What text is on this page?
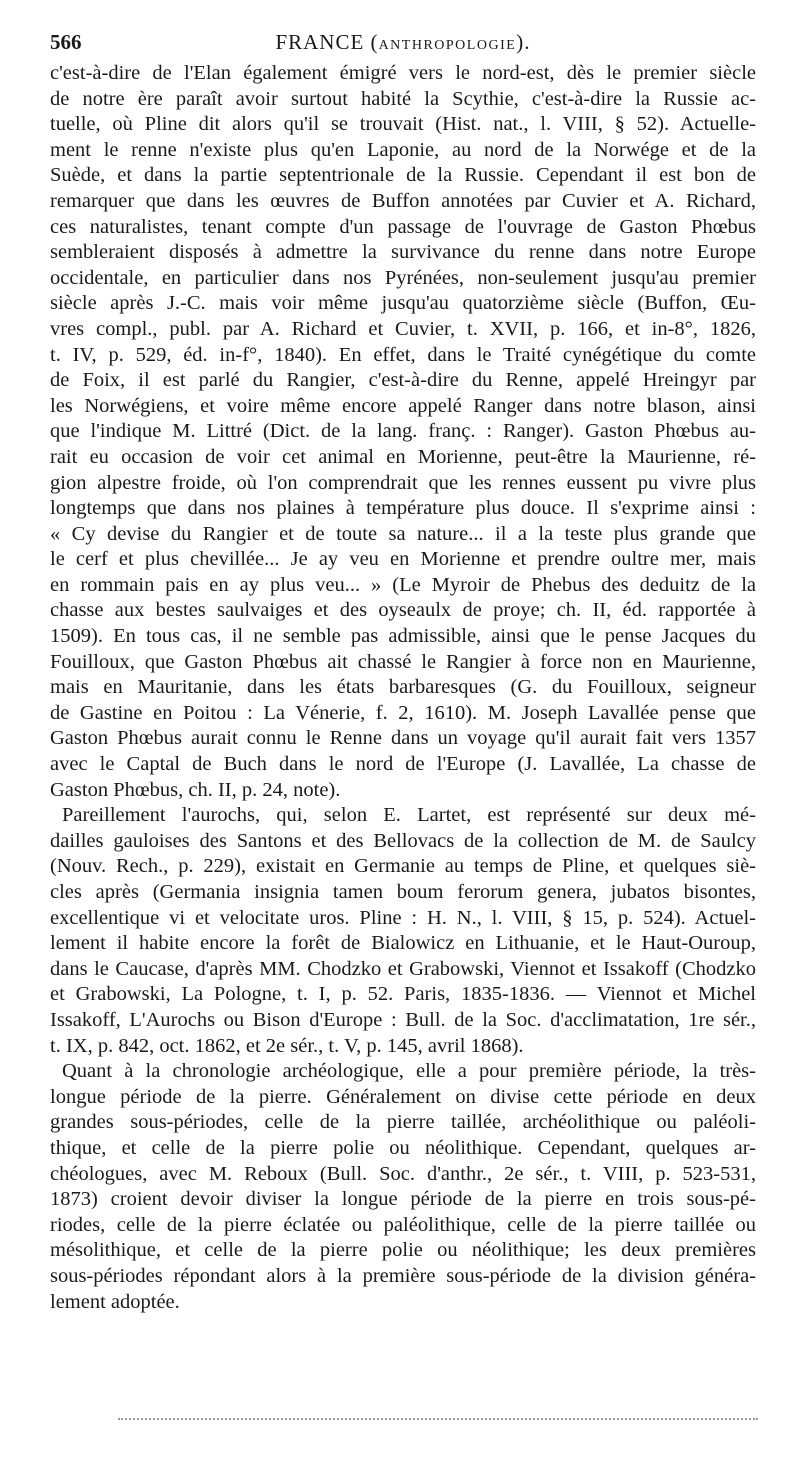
566	FRANCE (ANTHROPOLOGIE).
c'est-à-dire de l'Elan également émigré vers le nord-est, dès le premier siècle
de notre ère paraît avoir surtout habité la Scythie, c'est-à-dire la Russie ac-
tuelle, où Pline dit alors qu'il se trouvait (Hist. nat., l. VIII, § 52). Actuelle-
ment le renne n'existe plus qu'en Laponie, au nord de la Norwége et de la
Suède, et dans la partie septentrionale de la Russie. Cependant il est bon de
remarquer que dans les œuvres de Buffon annotées par Cuvier et A. Richard,
ces naturalistes, tenant compte d'un passage de l'ouvrage de Gaston Phœbus
sembleraient disposés à admettre la survivance du renne dans notre Europe
occidentale, en particulier dans nos Pyrénées, non-seulement jusqu'au premier
siècle après J.-C. mais voir même jusqu'au quatorzième siècle (Buffon, Œu-
vres compl., publ. par A. Richard et Cuvier, t. XVII, p. 166, et in-8°, 1826,
t. IV, p. 529, éd. in-f°, 1840). En effet, dans le Traité cynégétique du comte
de Foix, il est parlé du Rangier, c'est-à-dire du Renne, appelé Hreingyr par
les Norwégiens, et voire même encore appelé Ranger dans notre blason, ainsi
que l'indique M. Littré (Dict. de la lang. franç. : Ranger). Gaston Phœbus au-
rait eu occasion de voir cet animal en Morienne, peut-être la Maurienne, ré-
gion alpestre froide, où l'on comprendrait que les rennes eussent pu vivre plus
longtemps que dans nos plaines à température plus douce. Il s'exprime ainsi :
« Cy devise du Rangier et de toute sa nature... il a la teste plus grande que
le cerf et plus chevillée... Je ay veu en Morienne et prendre oultre mer, mais
en rommain pais en ay plus veu... » (Le Myroir de Phebus des deduitz de la
chasse aux bestes saulvaiges et des oyseaulx de proye; ch. II, éd. rapportée à
1509). En tous cas, il ne semble pas admissible, ainsi que le pense Jacques du
Fouilloux, que Gaston Phœbus ait chassé le Rangier à force non en Maurienne,
mais en Mauritanie, dans les états barbaresques (G. du Fouilloux, seigneur
de Gastine en Poitou : La Vénerie, f. 2, 1610). M. Joseph Lavallée pense que
Gaston Phœbus aurait connu le Renne dans un voyage qu'il aurait fait vers 1357
avec le Captal de Buch dans le nord de l'Europe (J. Lavallée, La chasse de
Gaston Phœbus, ch. II, p. 24, note).
Pareillement l'aurochs, qui, selon E. Lartet, est représenté sur deux mé-
dailles gauloises des Santons et des Bellovacs de la collection de M. de Saulcy
(Nouv. Rech., p. 229), existait en Germanie au temps de Pline, et quelques siè-
cles après (Germania insignia tamen boum ferorum genera, jubatos bisontes,
excellentique vi et velocitate uros. Pline : H. N., l. VIII, § 15, p. 524). Actuel-
lement il habite encore la forêt de Bialowicz en Lithuanie, et le Haut-Ouroup,
dans le Caucase, d'après MM. Chodzko et Grabowski, Viennot et Issakoff (Chodzko
et Grabowski, La Pologne, t. I, p. 52. Paris, 1835-1836. — Viennot et Michel
Issakoff, L'Aurochs ou Bison d'Europe : Bull. de la Soc. d'acclimatation, 1re sér.,
t. IX, p. 842, oct. 1862, et 2e sér., t. V, p. 145, avril 1868).
Quant à la chronologie archéologique, elle a pour première période, la très-
longue période de la pierre. Généralement on divise cette période en deux
grandes sous-périodes, celle de la pierre taillée, archéolithique ou paléoli-
thique, et celle de la pierre polie ou néolithique. Cependant, quelques ar-
chéologues, avec M. Reboux (Bull. Soc. d'anthr., 2e sér., t. VIII, p. 523-531,
1873) croient devoir diviser la longue période de la pierre en trois sous-pé-
riodes, celle de la pierre éclatée ou paléolithique, celle de la pierre taillée ou
mésolithique, et celle de la pierre polie ou néolithique; les deux premières
sous-périodes répondant alors à la première sous-période de la division généra-
lement adoptée.
